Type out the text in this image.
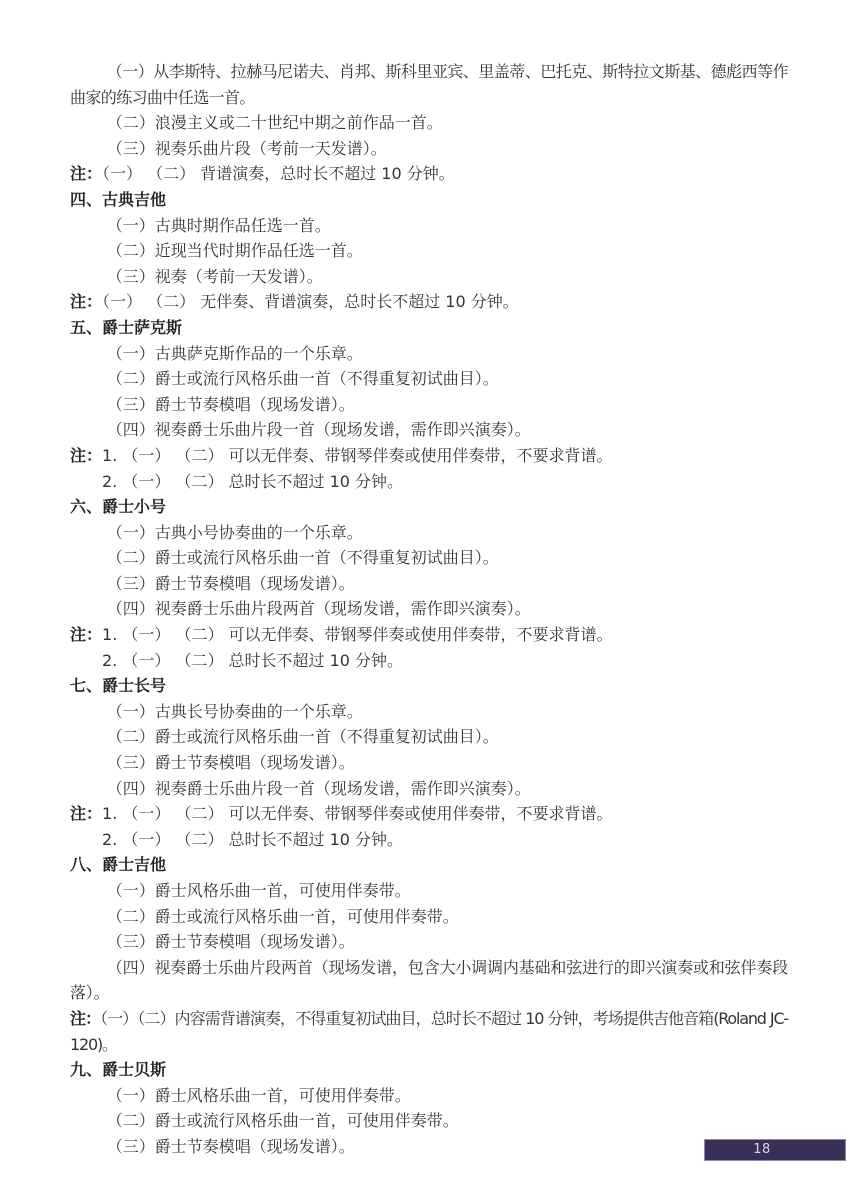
（一）从李斯特、拉赫马尼诺夫、肖邦、斯科里亚宾、里盖蒂、巴托克、斯特拉文斯基、德彪西等作曲家的练习曲中任选一首。

（二）浪漫主义或二十世纪中期之前作品一首。

（三）视奏乐曲片段（考前一天发谱）。

注：（一） （二） 背谱演奏，总时长不超过 10 分钟。

四、古典吉他

（一）古典时期作品任选一首。

（二）近现当代时期作品任选一首。

（三）视奏（考前一天发谱）。

注：（一） （二） 无伴奏、背谱演奏，总时长不超过 10 分钟。

五、爵士萨克斯

（一）古典萨克斯作品的一个乐章。

（二）爵士或流行风格乐曲一首（不得重复初试曲目）。

（三）爵士节奏模唱（现场发谱）。

（四）视奏爵士乐曲片段一首（现场发谱，需作即兴演奏）。

注：1. （一） （二） 可以无伴奏、带钢琴伴奏或使用伴奏带，不要求背谱。

2. （一） （二） 总时长不超过 10 分钟。

六、爵士小号

（一）古典小号协奏曲的一个乐章。

（二）爵士或流行风格乐曲一首（不得重复初试曲目）。

（三）爵士节奏模唱（现场发谱）。

（四）视奏爵士乐曲片段两首（现场发谱，需作即兴演奏）。

注：1. （一） （二） 可以无伴奏、带钢琴伴奏或使用伴奏带，不要求背谱。

2. （一） （二） 总时长不超过 10 分钟。

七、爵士长号

（一）古典长号协奏曲的一个乐章。

（二）爵士或流行风格乐曲一首（不得重复初试曲目）。

（三）爵士节奏模唱（现场发谱）。

（四）视奏爵士乐曲片段一首（现场发谱，需作即兴演奏）。

注：1. （一） （二） 可以无伴奏、带钢琴伴奏或使用伴奏带，不要求背谱。

2. （一） （二） 总时长不超过 10 分钟。

八、爵士吉他

（一）爵士风格乐曲一首，可使用伴奏带。

（二）爵士或流行风格乐曲一首，可使用伴奏带。

（三）爵士节奏模唱（现场发谱）。

（四）视奏爵士乐曲片段两首（现场发谱，包含大小调调内基础和弦进行的即兴演奏或和弦伴奏段落）。

注：（一）（二）内容需背谱演奏，不得重复初试曲目，总时长不超过 10 分钟，考场提供吉他音箱(Roland JC-120)。

九、爵士贝斯

（一）爵士风格乐曲一首，可使用伴奏带。

（二）爵士或流行风格乐曲一首，可使用伴奏带。

（三）爵士节奏模唱（现场发谱）。	18
